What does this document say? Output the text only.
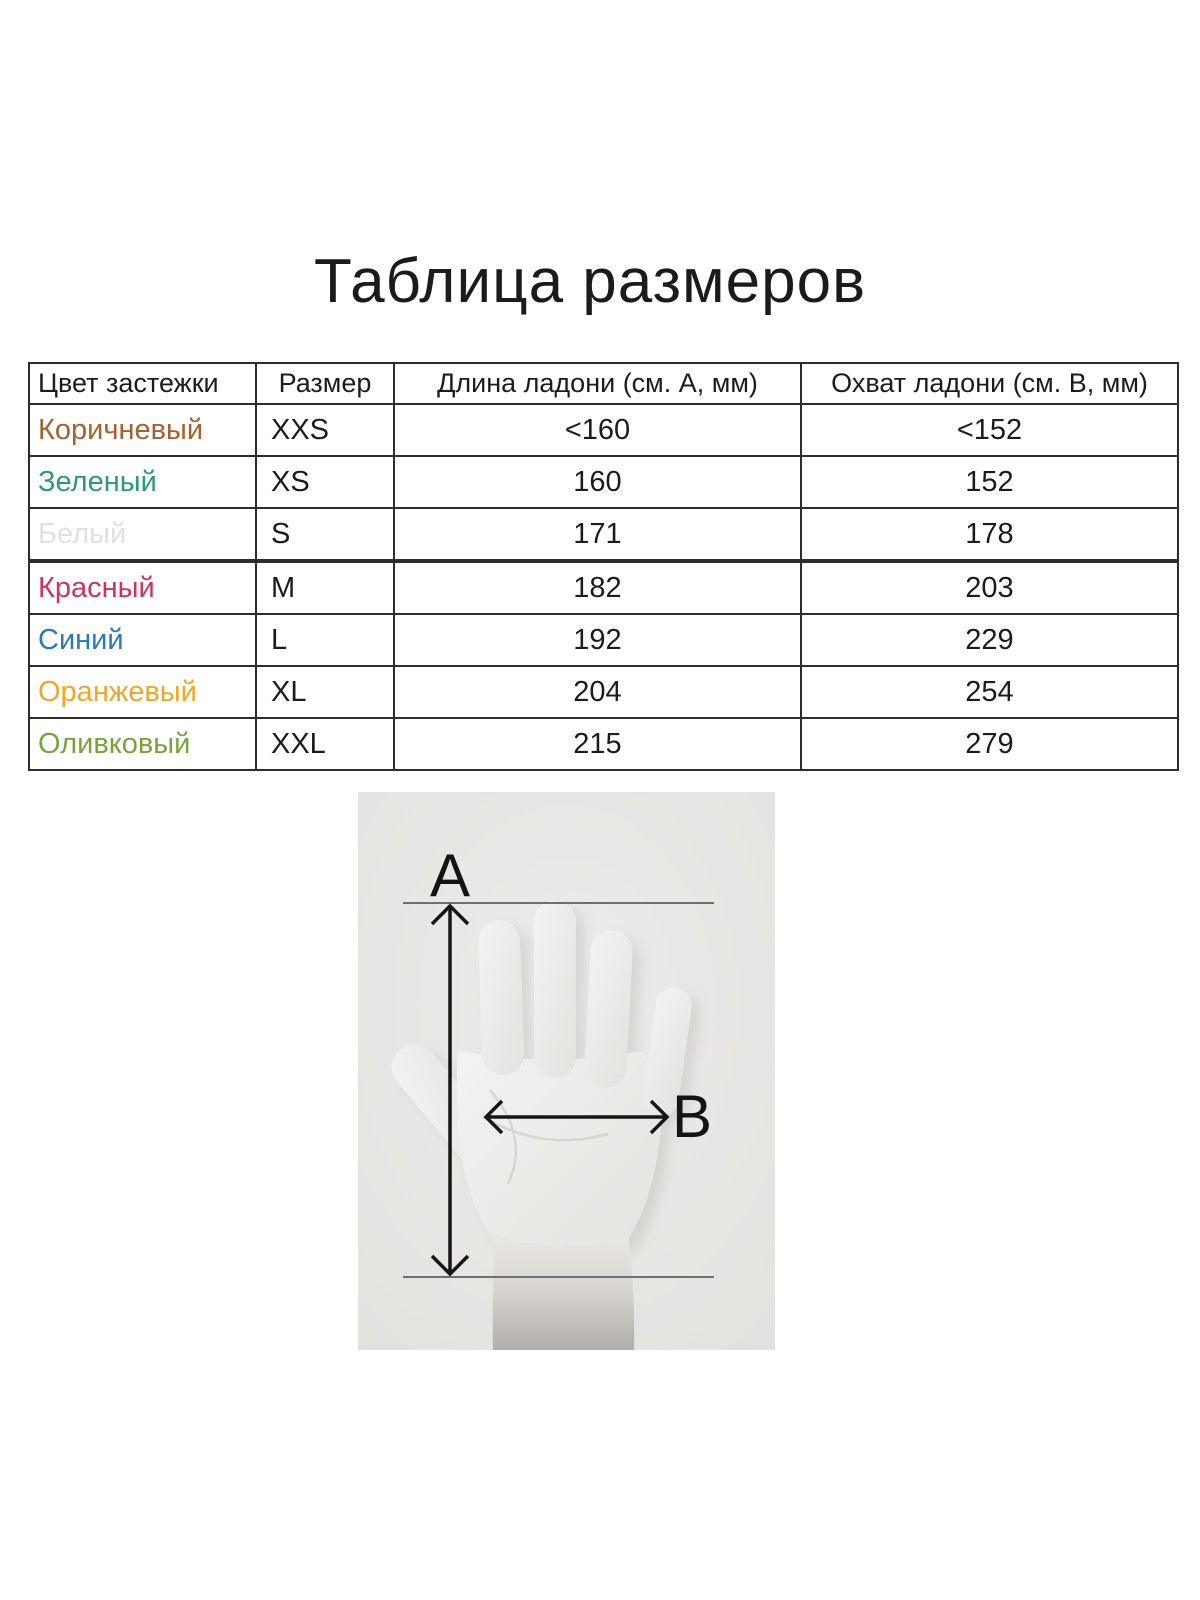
Таблица размеров
Цвет застежки	Размер	Длина ладони (см. А, мм)	Охват ладони (см. В, мм)
Коричневый	XXS	<160	<152
Зеленый	XS	160	152
Белый	S	171	178
Красный	M	182	203
Синий	L	192	229
Оранжевый	XL	204	254
Оливковый	XXL	215	279
A
B
